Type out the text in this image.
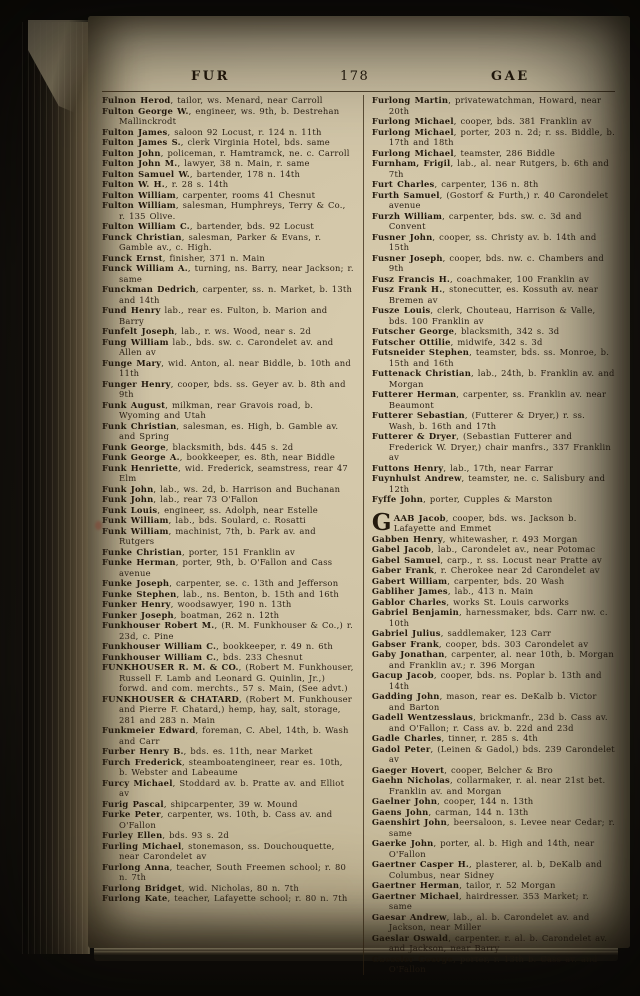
FUR	178	GAE
Fulnon Herod, tailor, ws. Menard, near Carroll
Fulton George W., engineer, ws. 9th, b. Destrehan Mallinckrodt
Fulton James, saloon 92 Locust, r. 124 n. 11th
Fulton James S., clerk Virginia Hotel, bds. same
Fulton John, policeman, r. Hamtramck, ne. c. Carroll
Fulton John M., lawyer, 38 n. Main, r. same
Fulton Samuel W., bartender, 178 n. 14th
Fulton W. H., r. 28 s. 14th
Fulton William, carpenter, rooms 41 Chesnut
Fulton William, salesman, Humphreys, Terry & Co., r. 135 Olive.
Fulton William C., bartender, bds. 92 Locust
Funck Christian, salesman, Parker & Evans, r. Gamble av., c. High.
Funck Ernst, finisher, 371 n. Main
Funck William A., turning, ns. Barry, near Jackson; r. same
Funckman Dedrich, carpenter, ss. n. Market, b. 13th and 14th
Fund Henry lab., rear es. Fulton, b. Marion and Barry
Funfelt Joseph, lab., r. ws. Wood, near s. 2d
Fung William lab., bds. sw. c. Carondelet av. and Allen av
Funge Mary, wid. Anton, al. near Biddle, b. 10th and 11th
Funger Henry, cooper, bds. ss. Geyer av. b. 8th and 9th
Funk August, milkman, rear Gravois road, b. Wyoming and Utah
Funk Christian, salesman, es. High, b. Gamble av. and Spring
Funk George, blacksmith, bds. 445 s. 2d
Funk George A., bookkeeper, es. 8th, near Biddle
Funk Henriette, wid. Frederick, seamstress, rear 47 Elm
Funk John, lab., ws. 2d, b. Harrison and Buchanan
Funk John, lab., rear 73 O'Fallon
Funk Louis, engineer, ss. Adolph, near Estelle
Funk William, lab., bds. Soulard, c. Rosatti
Funk William, machinist, 7th, b. Park av. and Rutgers
Funke Christian, porter, 151 Franklin av
Funke Herman, porter, 9th, b. O'Fallon and Cass avenue
Funke Joseph, carpenter, se. c. 13th and Jefferson
Funke Stephen, lab., ns. Benton, b. 15th and 16th
Funker Henry, woodsawyer, 190 n. 13th
Funker Joseph, boatman, 262 n. 12th
Funkhouser Robert M., (R. M. Funkhouser & Co.,) r. 23d, c. Pine
Funkhouser William C., bookkeeper, r. 49 n. 6th
Funkhouser William C., bds. 233 Chesnut
FUNKHOUSER R. M. & CO., (Robert M. Funkhouser, Russell F. Lamb and Leonard G. Quinlin, Jr.,) forwd. and com. merchts., 57 s. Main, (See advt.)
FUNKHOUSER & CHATARD, (Robert M. Funkhouser and Pierre F. Chatard,) hemp, hay, salt, storage, 281 and 283 n. Main
Funkmeier Edward, foreman, C. Abel, 14th, b. Wash and Carr
Furber Henry B., bds. es. 11th, near Market
Furch Frederick, steamboatengineer, rear es. 10th, b. Webster and Labeaume
Furcy Michael, Stoddard av. b. Pratte av. and Elliot av
Furig Pascal, shipcarpenter, 39 w. Mound
Furke Peter, carpenter, ws. 10th, b. Cass av. and O'Fallon
Furley Ellen, bds. 93 s. 2d
Furling Michael, stonemason, ss. Douchouquette, near Carondelet av
Furlong Anna, teacher, South Freemen school; r. 80 n. 7th
Furlong Bridget, wid. Nicholas, 80 n. 7th
Furlong Kate, teacher, Lafayette school; r. 80 n. 7th
Furlong Martin, privatewatchman, Howard, near 20th
Furlong Michael, cooper, bds. 381 Franklin av
Furlong Michael, porter, 203 n. 2d; r. ss. Biddle, b. 17th and 18th
Furlong Michael, teamster, 286 Biddle
Furnham, Frigil, lab., al. near Rutgers, b. 6th and 7th
Furt Charles, carpenter, 136 n. 8th
Furth Samuel, (Gostorf & Furth,) r. 40 Carondelet avenue
Furzh William, carpenter, bds. sw. c. 3d and Convent
Fusner John, cooper, ss. Christy av. b. 14th and 15th
Fusner Joseph, cooper, bds. nw. c. Chambers and 9th
Fusz Francis H., coachmaker, 100 Franklin av
Fusz Frank H., stonecutter, es. Kossuth av. near Bremen av
Fusze Louis, clerk, Chouteau, Harrison & Valle, bds. 100 Franklin av
Futscher George, blacksmith, 342 s. 3d
Futscher Ottilie, midwife, 342 s. 3d
Futsneider Stephen, teamster, bds. ss. Monroe, b. 15th and 16th
Futtenack Christian, lab., 24th, b. Franklin av. and Morgan
Futterer Herman, carpenter, ss. Franklin av. near Beaumont
Futterer Sebastian, (Futterer & Dryer,) r. ss. Wash, b. 16th and 17th
Futterer & Dryer, (Sebastian Futterer and Frederick W. Dryer,) chair manfrs., 337 Franklin av
Futtons Henry, lab., 17th, near Farrar
Fuynhulst Andrew, teamster, ne. c. Salisbury and 12th
Fyffe John, porter, Cupples & Marston
GAAB Jacob, cooper, bds. ws. Jackson b. Lafayette and Emmet
Gabben Henry, whitewasher, r. 493 Morgan
Gabel Jacob, lab., Carondelet av., near Potomac
Gabel Samuel, carp., r. ss. Locust near Pratte av
Gaber Frank, r. Cherokee near 2d Carondelet av
Gabert William, carpenter, bds. 20 Wash
Gabliher James, lab., 413 n. Main
Gablor Charles, works St. Louis carworks
Gabriel Benjamin, harnessmaker, bds. Carr nw. c. 10th
Gabriel Julius, saddlemaker, 123 Carr
Gabser Frank, cooper, bds. 303 Carondelet av
Gaby Jonathan, carpenter, al. near 10th, b. Morgan and Franklin av.; r. 396 Morgan
Gacup Jacob, cooper, bds. ns. Poplar b. 13th and 14th
Gadding John, mason, rear es. DeKalb b. Victor and Barton
Gadell Wentzesslaus, brickmanfr., 23d b. Cass av. and O'Fallon; r. Cass av. b. 22d and 23d
Gadle Charles, tinner, r. 285 s. 4th
Gadol Peter, (Leinen & Gadol,) bds. 239 Carondelet av
Gaeger Hovert, cooper, Belcher & Bro
Gaehn Nicholas, collarmaker, r. al. near 21st bet. Franklin av. and Morgan
Gaelner John, cooper, 144 n. 13th
Gaens John, carman, 144 n. 13th
Gaenshirt John, beersaloon, s. Levee near Cedar; r. same
Gaerke John, porter, al. b. High and 14th, near O'Fallon
Gaertner Casper H., plasterer, al. b, DeKalb and Columbus, near Sidney
Gaertner Herman, tailor, r. 52 Morgan
Gaertner Michael, hairdresser. 353 Market; r. same
Gaesar Andrew, lab., al. b. Carondelet av. and Jackson, near Miller
Gaeslar Oswald, carpenter. r. al. b. Carondelet av. and Jackson, near Barry
Gaessler George, porter, r. 13th b. Cass av. and O'Fallon
